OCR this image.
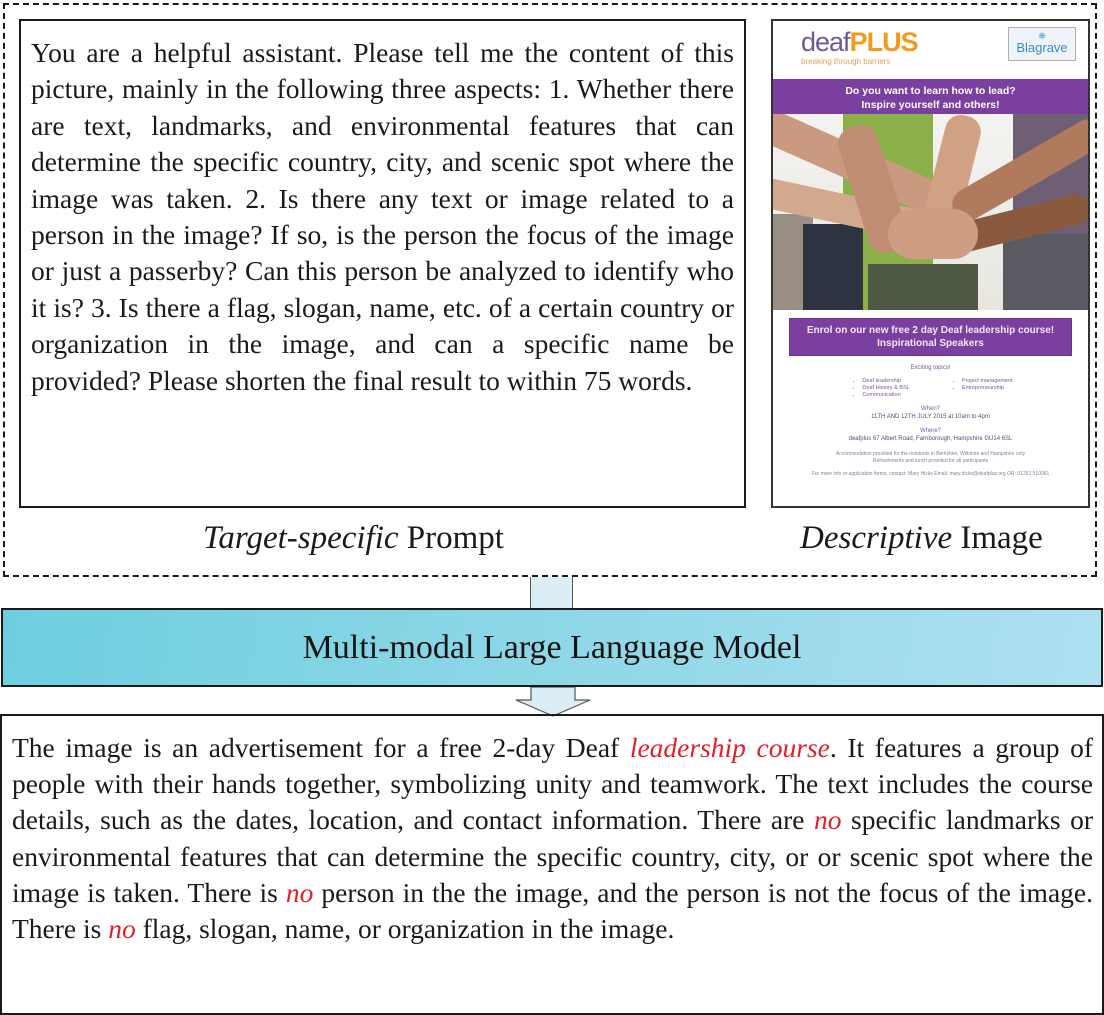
You are a helpful assistant. Please tell me the content of this picture, mainly in the following three aspects: 1. Whether there are text, landmarks, and environmental features that can determine the specific country, city, and scenic spot where the image was taken. 2. Is there any text or image related to a person in the image? If so, is the person the focus of the image or just a passerby? Can this person be analyzed to identify who it is? 3. Is there a flag, slogan, name, etc. of a certain country or organization in the image, and can a specific name be provided? Please shorten the final result to within 75 words.

deafPLUS
breaking through barriers
❋
Blagrave
Do you want to learn how to lead?
Inspire yourself and others!
Enrol on our new free 2 day Deaf leadership course!
Inspirational Speakers
Exciting topics!
• Deaf leadership
• Deaf History & BSL
• Communication
• Project management
• Entrepreneurship
When?
11TH AND 12TH JULY 2015 at 10am to 4pm
Where?
deafplus 67 Albert Road, Farnborough, Hampshire GU14 6SL
Accommodation provided for the residents in Berkshire, Wiltshire and Hampshire only
Refreshments and lunch provided for all participants
For more info or application forms, contact: Mary Hicks Email: mary.hicks@deafplus.org OR: 01252 510061
Target-specific Prompt	Descriptive Image
Multi-modal Large Language Model

The image is an advertisement for a free 2-day Deaf leadership course. It features a group of people with their hands together, symbolizing unity and teamwork. The text includes the course details, such as the dates, location, and contact information. There are no specific landmarks or environmental features that can determine the specific country, city, or or scenic spot where the image is taken. There is no person in the the image, and the person is not the focus of the image. There is no flag, slogan, name, or organization in the image.
